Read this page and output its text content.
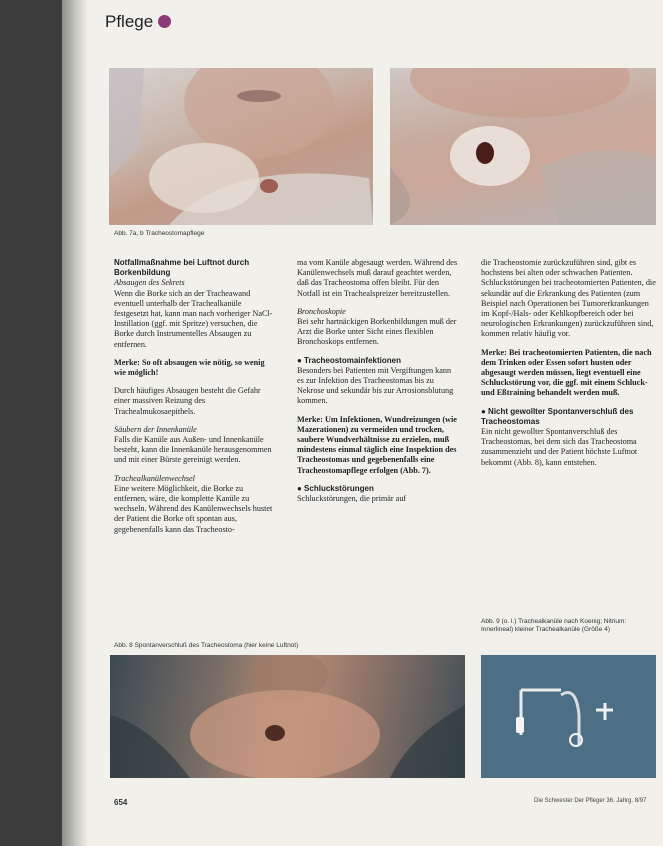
Pflege
Abb. 7a, b Tracheostomapflege

Notfallmaßnahme bei Luftnot durch Borkenbildung
Absaugen des Sekrets
Wenn die Borke sich an der Tracheawand eventuell unterhalb der Trachealkanüle festgesetzt hat, kann man nach vorheriger NaCl-Instillation (ggf. mit Spritze) versuchen, die Borke durch Instrumentelles Absaugen zu entfernen.

Merke: So oft absaugen wie nötig, so wenig wie möglich!

Durch häufiges Absaugen besteht die Gefahr einer massiven Reizung des Trachealmukosaepithels.

Säubern der Innenkanüle
Falls die Kanüle aus Außen- und Innenkanüle besteht, kann die Innenkanüle herausgenommen und mit einer Bürste gereinigt werden.

Trachealkanülenwechsel
Eine weitere Möglichkeit, die Borke zu entfernen, wäre, die komplette Kanüle zu wechseln. Während des Kanülenwechsels hustet der Patient die Borke oft spontan aus, gegebenenfalls kann das Tracheosto-

ma vom Kanüle abgesaugt werden. Während des Kanülenwechsels muß darauf geachtet werden, daß das Tracheostoma offen bleibt. Für den Notfall ist ein Trachealspreizer bereitzustellen.

Bronchoskopie
Bei sehr hartnäckigen Borkenbildungen muß der Arzt die Borke unter Sicht eines flexiblen Bronchoskops entfernen.

● Tracheostomainfektionen
Besonders bei Patienten mit Vergiftungen kann es zur Infektion des Tracheostomas bis zu Nekrose und sekundär bis zur Arrosionsblutung kommen.

Merke: Um Infektionen, Wundreizungen (wie Mazerationen) zu vermeiden und trocken, saubere Wundverhältnisse zu erzielen, muß mindestens einmal täglich eine Inspektion des Tracheostomas und gegebenenfalls eine Tracheostomapflege erfolgen (Abb. 7).

● Schluckstörungen
Schluckstörungen, die primär auf

die Tracheostomie zurückzuführen sind, gibt es hochstens bei alten oder schwachen Patienten. Schluckstörungen bei tracheotomierten Patienten, die sekundär auf die Erkrankung des Patienten (zum Beispiel nach Operationen bei Tumorerkrankungen im Kopf-/Hals- oder Kehlkopfbereich oder bei neurologischen Erkrankungen) zurückzuführen sind, kommen relativ häufig vor.

Merke: Bei tracheotomierten Patienten, die nach dem Trinken oder Essen sofort husten oder abgesaugt werden müssen, liegt eventuell eine Schluckstörung vor, die ggf. mit einem Schluck- und Eßtraining behandelt werden muß.

● Nicht gewollter Spontanverschluß des Tracheostomas
Ein nicht gewollter Spontanverschluß des Tracheostomas, bei dem sich das Tracheostoma zusammenzieht und der Patient höchste Luftnot bekommt (Abb. 8), kann entstehen.

Abb. 8 Spontanverschluß des Tracheostoma (hier keine Luftnot)
Abb. 9 (o. l.) Trachealkanüle nach Koenig; Nitrium: Innerlineal) kleiner Trachealkanüle (Größe 4)
654	Die Schwester Der Pfleger 36. Jahrg. 8/97
